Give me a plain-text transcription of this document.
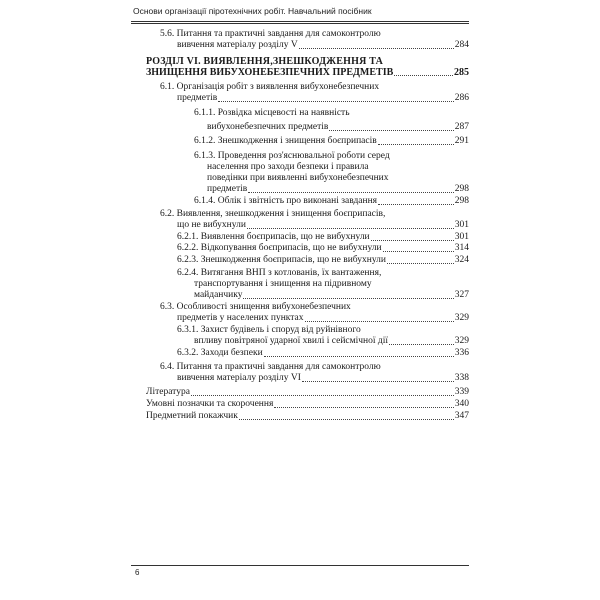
Основи організації піротехнічних робіт. Навчальний посібник
5.6. Питання та практичні завдання для самоконтролю
вивчення матеріалу розділу V	284
РОЗДІЛ VI. ВИЯВЛЕННЯ,ЗНЕШКОДЖЕННЯ ТА
ЗНИЩЕННЯ ВИБУХОНЕБЕЗПЕЧНИХ ПРЕДМЕТІВ	285
6.1. Організація робіт з виявлення вибухонебезпечних
предметів	286
6.1.1. Розвідка місцевості на наявність
вибухонебезпечних предметів	287
6.1.2. Знешкодження і знищення боєприпасів	291
6.1.3. Проведення роз'яснювальної роботи серед
населення про заходи безпеки і правила
поведінки при виявленні вибухонебезпечних
предметів	298
6.1.4. Облік і звітність про виконані завдання	298
6.2. Виявлення, знешкодження і знищення боєприпасів,
що не вибухнули	301
6.2.1. Виявлення боєприпасів, що не вибухнули	301
6.2.2. Відкопування боєприпасів, що не вибухнули	314
6.2.3. Знешкодження боєприпасів, що не вибухнули	324
6.2.4. Витягання ВНП з котлованів, їх вантаження,
транспортування і знищення на підривному
майданчику	327
6.3. Особливості знищення вибухонебезпечних
предметів у населених пунктах	329
6.3.1. Захист будівель і споруд від руйнівного
впливу повітряної ударної хвилі і сейсмічної дії	329
6.3.2. Заходи безпеки	336
6.4. Питання та практичні завдання для самоконтролю
вивчення матеріалу розділу VI	338
Література	339
Умовні позначки та скорочення	340
Предметний покажчик	347
6
